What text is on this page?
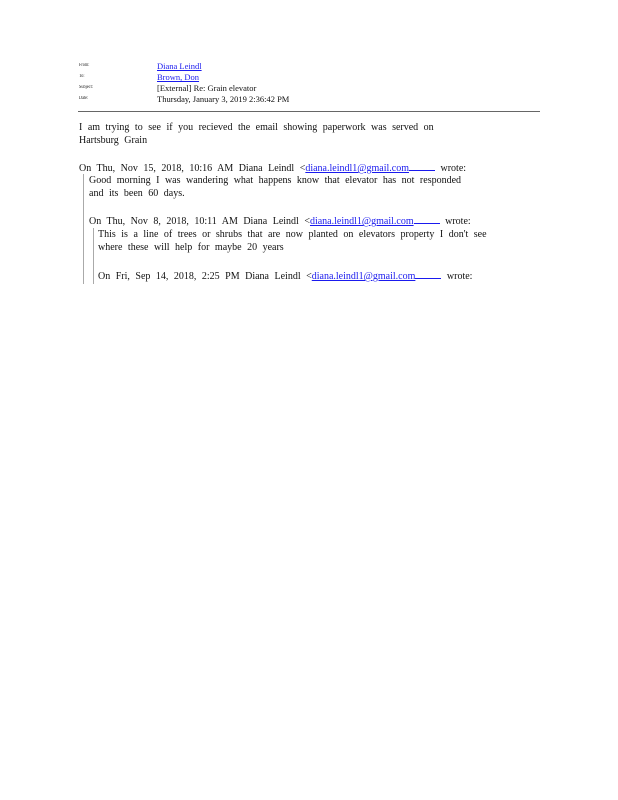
From:	Diana Leindl
To:	Brown, Don
Subject:	[External] Re: Grain elevator
Date:	Thursday, January 3, 2019 2:36:42 PM
I am trying to see if you recieved the email showing paperwork was served on
Hartsburg Grain
On Thu, Nov 15, 2018, 10:16 AM Diana Leindl <diana.leindl1@gmail.com	wrote:
Good morning I was wandering what happens know that elevator has not responded
and its been 60 days.
On Thu, Nov 8, 2018, 10:11 AM Diana Leindl <diana.leindl1@gmail.com	wrote:
This is a line of trees or shrubs that are now planted on elevators property I don't see
where these will help for maybe 20 years
On Fri, Sep 14, 2018, 2:25 PM Diana Leindl <diana.leindl1@gmail.com	wrote:
